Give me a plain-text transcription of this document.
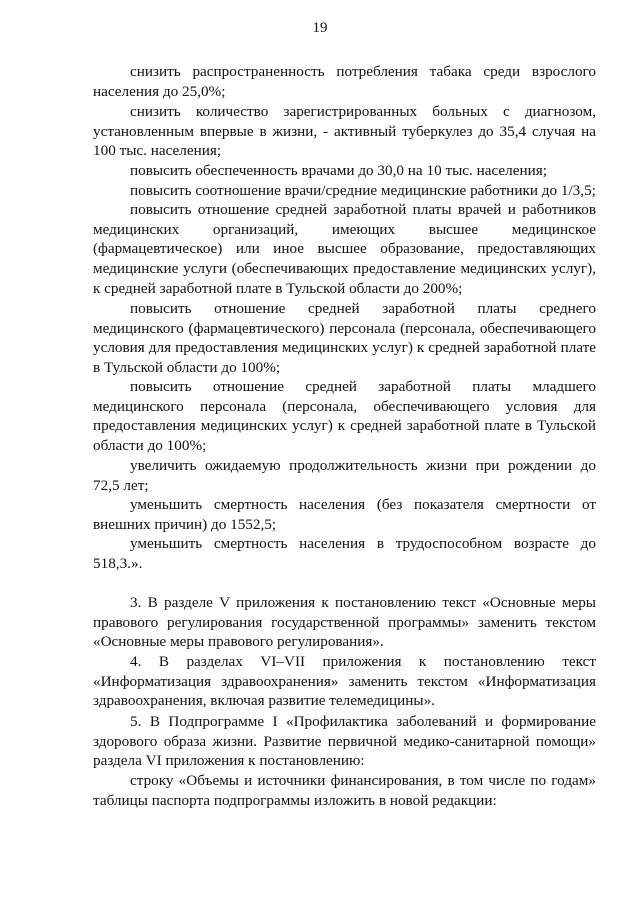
19

снизить распространенность потребления табака среди взрослого населения до 25,0%;

снизить количество зарегистрированных больных с диагнозом, установленным впервые в жизни, - активный туберкулез до 35,4 случая на 100 тыс. населения;

повысить обеспеченность врачами до 30,0 на 10 тыс. населения;

повысить соотношение врачи/средние медицинские работники до 1/3,5;

повысить отношение средней заработной платы врачей и работников медицинских организаций, имеющих высшее медицинское (фармацевтическое) или иное высшее образование, предоставляющих медицинские услуги (обеспечивающих предоставление медицинских услуг), к средней заработной плате в Тульской области до 200%;

повысить отношение средней заработной платы среднего медицинского (фармацевтического) персонала (персонала, обеспечивающего условия для предоставления медицинских услуг) к средней заработной плате в Тульской области до 100%;

повысить отношение средней заработной платы младшего медицинского персонала (персонала, обеспечивающего условия для предоставления медицинских услуг) к средней заработной плате в Тульской области до 100%;

увеличить ожидаемую продолжительность жизни при рождении до 72,5 лет;

уменьшить смертность населения (без показателя смертности от внешних причин) до 1552,5;

уменьшить смертность населения в трудоспособном возрасте до 518,3.».

3. В разделе V приложения к постановлению текст «Основные меры правового регулирования государственной программы» заменить текстом «Основные меры правового регулирования».

4. В разделах VI–VII приложения к постановлению текст «Информатизация здравоохранения» заменить текстом «Информатизация здравоохранения, включая развитие телемедицины».

5. В Подпрограмме I «Профилактика заболеваний и формирование здорового образа жизни. Развитие первичной медико-санитарной помощи» раздела VI приложения к постановлению:

строку «Объемы и источники финансирования, в том числе по годам» таблицы паспорта подпрограммы изложить в новой редакции:
